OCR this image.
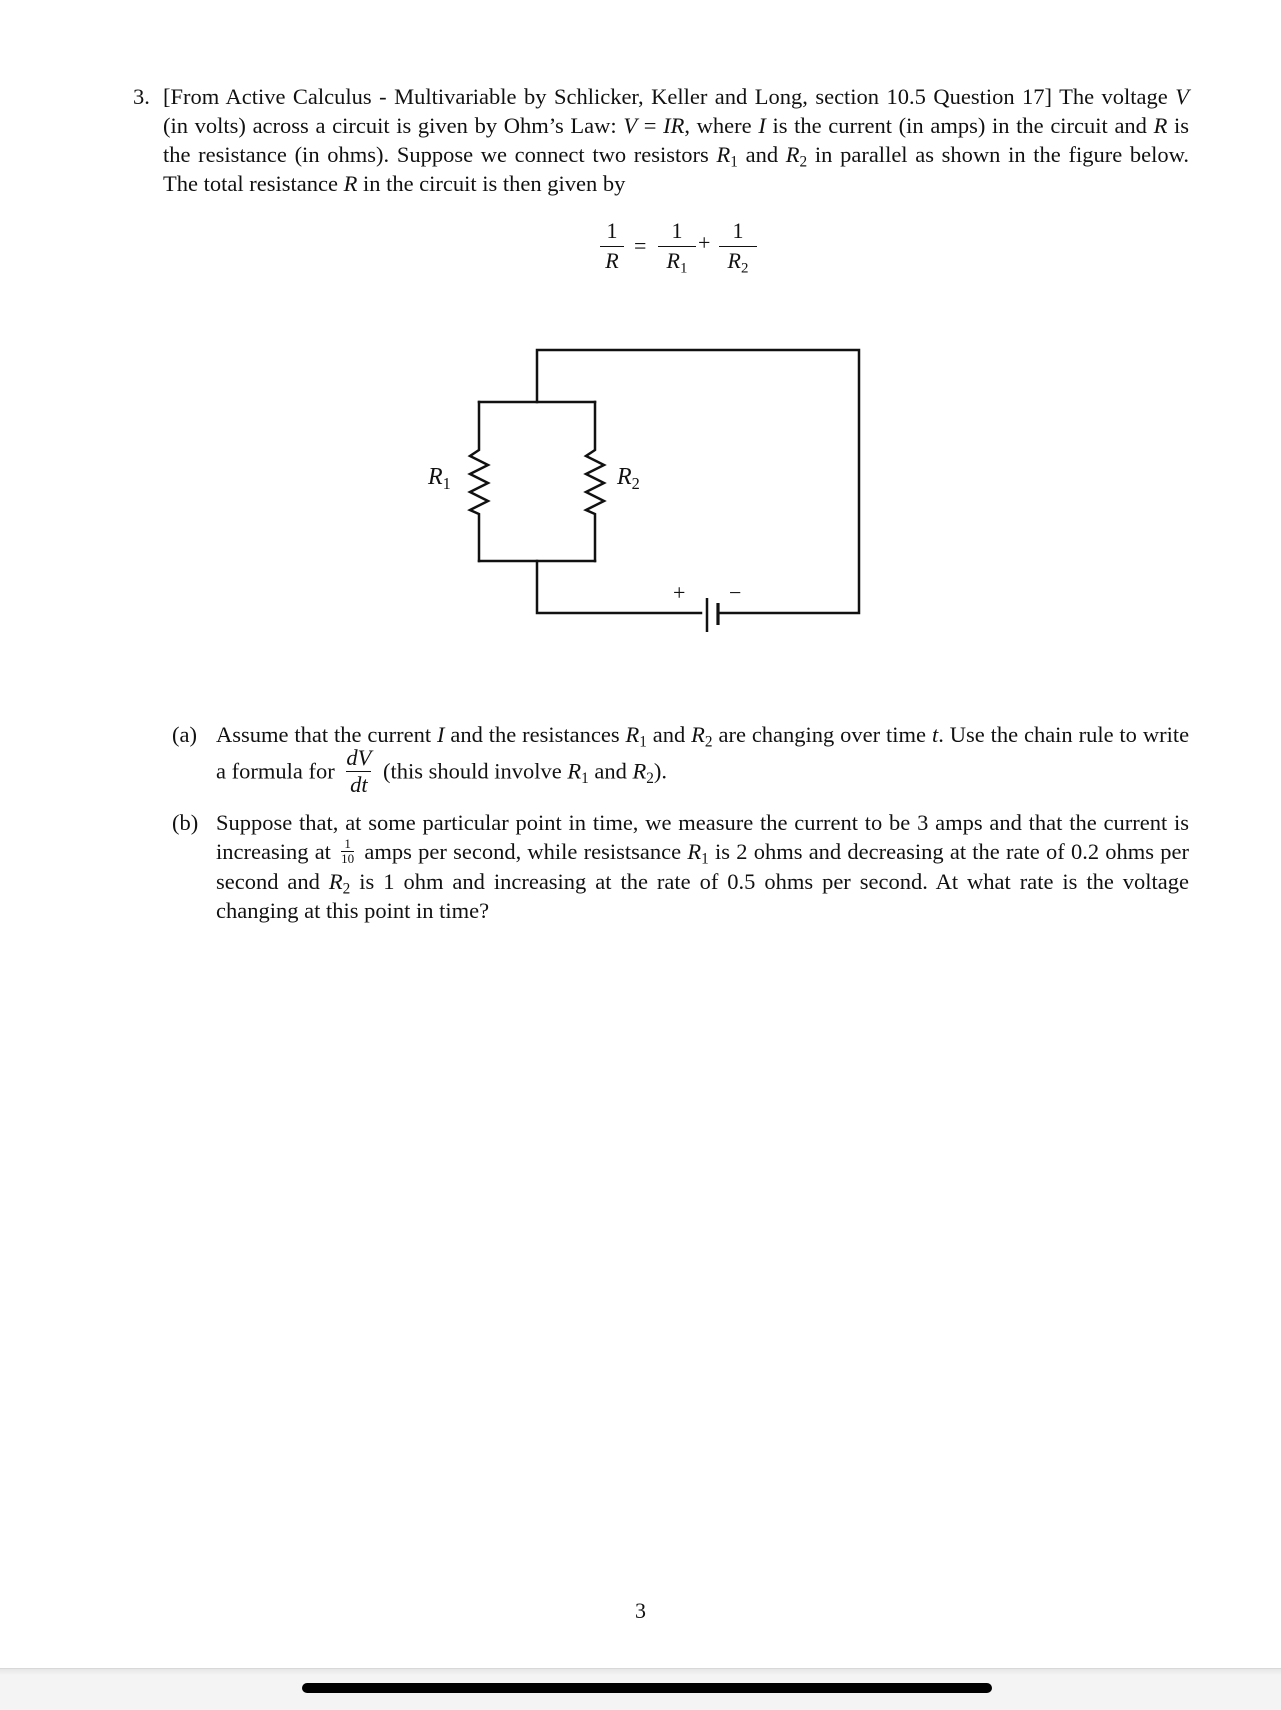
3. [From Active Calculus - Multivariable by Schlicker, Keller and Long, section 10.5 Question 17] The voltage V (in volts) across a circuit is given by Ohm’s Law: V = IR, where I is the current (in amps) in the circuit and R is the resistance (in ohms). Suppose we connect two resistors $R_1$ and $R_2$ in parallel as shown in the figure below. The total resistance R in the circuit is then given by
1
R
=
1
$R_1$
+	1
$R_2$
$R_1$	$R_2$
+ −
(a) Assume that the current I and the resistances $R_1$ and $R_2$ are changing over time t. Use the chain rule to write a formula for $\frac{dV}{dt}$ (this should involve $R_1$ and $R_2$).
(b) Suppose that, at some particular point in time, we measure the current to be 3 amps and that the current is increasing at $\frac{1}{10}$ amps per second, while resistsance $R_1$ is 2 ohms and decreasing at the rate of 0.2 ohms per second and $R_2$ is 1 ohm and increasing at the rate of 0.5 ohms per second. At what rate is the voltage changing at this point in time?
3
